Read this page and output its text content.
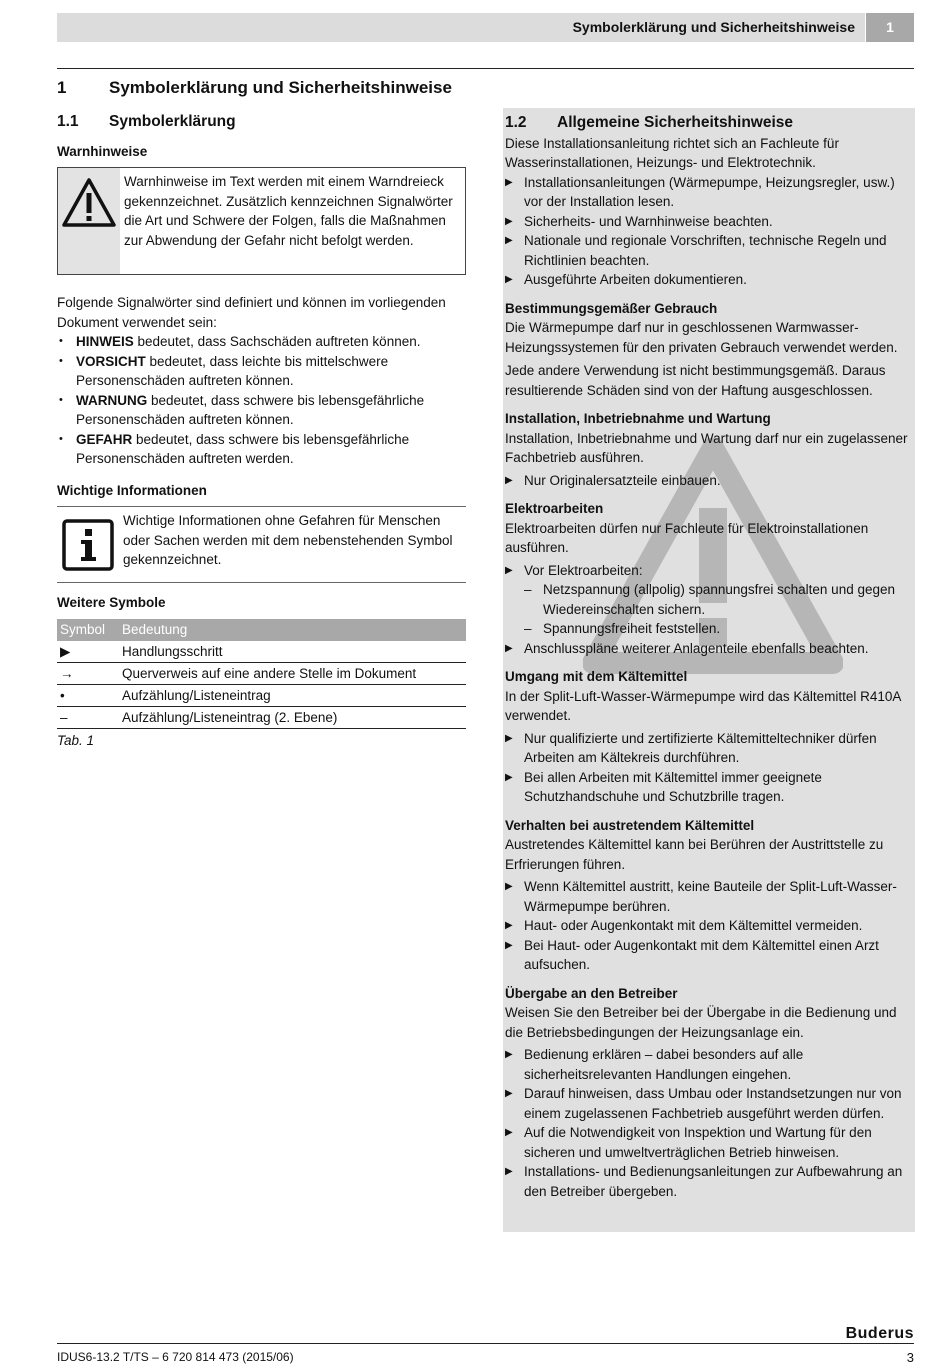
Symbolerklärung und Sicherheitshinweise	1
1	Symbolerklärung und Sicherheitshinweise
1.1 Symbolerklärung
Warnhinweise
Warnhinweise im Text werden mit einem Warndreieck gekennzeichnet. Zusätzlich kennzeichnen Signalwörter die Art und Schwere der Folgen, falls die Maßnahmen zur Abwendung der Gefahr nicht befolgt werden.
Folgende Signalwörter sind definiert und können im vorliegenden Dokument verwendet sein:
• HINWEIS bedeutet, dass Sachschäden auftreten können.
• VORSICHT bedeutet, dass leichte bis mittelschwere Personenschäden auftreten können.
• WARNUNG bedeutet, dass schwere bis lebensgefährliche Personenschäden auftreten können.
• GEFAHR bedeutet, dass schwere bis lebensgefährliche Personenschäden auftreten werden.
Wichtige Informationen
Wichtige Informationen ohne Gefahren für Menschen oder Sachen werden mit dem nebenstehenden Symbol gekennzeichnet.
Weitere Symbole
Symbol	Bedeutung
▶	Handlungsschritt
→	Querverweis auf eine andere Stelle im Dokument
•	Aufzählung/Listeneintrag
–	Aufzählung/Listeneintrag (2. Ebene)
Tab. 1
1.2 Allgemeine Sicherheitshinweise
Diese Installationsanleitung richtet sich an Fachleute für Wasserinstallationen, Heizungs- und Elektrotechnik.
▶ Installationsanleitungen (Wärmepumpe, Heizungsregler, usw.) vor der Installation lesen.
▶ Sicherheits- und Warnhinweise beachten.
▶ Nationale und regionale Vorschriften, technische Regeln und Richtlinien beachten.
▶ Ausgeführte Arbeiten dokumentieren.
Bestimmungsgemäßer Gebrauch
Die Wärmepumpe darf nur in geschlossenen Warmwasser-Heizungssystemen für den privaten Gebrauch verwendet werden.
Jede andere Verwendung ist nicht bestimmungsgemäß. Daraus resultierende Schäden sind von der Haftung ausgeschlossen.
Installation, Inbetriebnahme und Wartung
Installation, Inbetriebnahme und Wartung darf nur ein zugelassener Fachbetrieb ausführen.
▶ Nur Originalersatzteile einbauen.
Elektroarbeiten
Elektroarbeiten dürfen nur Fachleute für Elektroinstallationen ausführen.
▶ Vor Elektroarbeiten:
– Netzspannung (allpolig) spannungsfrei schalten und gegen Wiedereinschalten sichern.
– Spannungsfreiheit feststellen.
▶ Anschlusspläne weiterer Anlagenteile ebenfalls beachten.
Umgang mit dem Kältemittel
In der Split-Luft-Wasser-Wärmepumpe wird das Kältemittel R410A verwendet.
▶ Nur qualifizierte und zertifizierte Kältemitteltechniker dürfen Arbeiten am Kältekreis durchführen.
▶ Bei allen Arbeiten mit Kältemittel immer geeignete Schutzhandschuhe und Schutzbrille tragen.
Verhalten bei austretendem Kältemittel
Austretendes Kältemittel kann bei Berühren der Austrittstelle zu Erfrierungen führen.
▶ Wenn Kältemittel austritt, keine Bauteile der Split-Luft-Wasser-Wärmepumpe berühren.
▶ Haut- oder Augenkontakt mit dem Kältemittel vermeiden.
▶ Bei Haut- oder Augenkontakt mit dem Kältemittel einen Arzt aufsuchen.
Übergabe an den Betreiber
Weisen Sie den Betreiber bei der Übergabe in die Bedienung und die Betriebsbedingungen der Heizungsanlage ein.
▶ Bedienung erklären – dabei besonders auf alle sicherheitsrelevanten Handlungen eingehen.
▶ Darauf hinweisen, dass Umbau oder Instandsetzungen nur von einem zugelassenen Fachbetrieb ausgeführt werden dürfen.
▶ Auf die Notwendigkeit von Inspektion und Wartung für den sicheren und umweltverträglichen Betrieb hinweisen.
▶ Installations- und Bedienungsanleitungen zur Aufbewahrung an den Betreiber übergeben.
Buderus
IDUS6-13.2 T/TS – 6 720 814 473 (2015/06)	3
